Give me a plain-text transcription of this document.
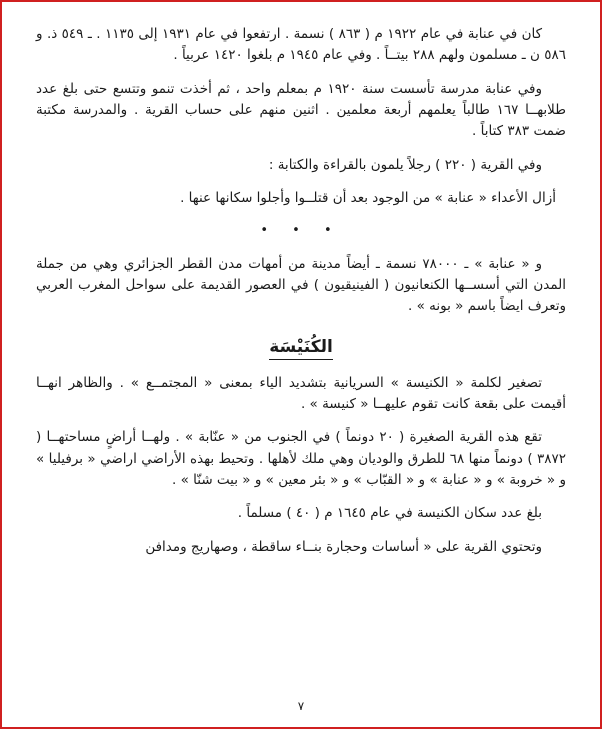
كان في عنابة في عام ١٩٢٢ م ( ٨٦٣ ) نسمة . ارتفعوا في عام ١٩٣١ إلى ١١٣٥ . ـ ٥٤٩ ذ. و ٥٨٦ ن ـ مسلمون ولهم ٢٨٨ بيتــاً . وفي عام ١٩٤٥ م بلغوا ١٤٢٠ عربياً .

وفي عنابة مدرسة تأسست سنة ١٩٢٠ م بمعلم واحد ، ثم أخذت تنمو وتتسع حتى بلغ عدد طلابهــا ١٦٧ طالباً يعلمهم أربعة معلمين . اثنين منهم على حساب القرية . والمدرسة مكتبة ضمت ٣٨٣ كتاباً .

وفي القرية ( ٢٢٠ ) رجلاً يلمون بالقراءة والكتابة :

أزال الأعداء « عنابة » من الوجود بعد أن قتلــوا وأجلوا سكانها عنها .

• • •

و « عنابة » ـ ٧٨٠٠٠ نسمة ـ أيضاً مدينة من أمهات مدن القطر الجزائري وهي من جملة المدن التي أسســها الكنعانيون ( الفينيقيون ) في العصور القديمة على سواحل المغرب العربي وتعرف ايضاً باسم « بونه » .

الكُنَيْسَة

تصغير لكلمة « الكنيسة » السريانية بتشديد الياء بمعنى « المجتمــع » . والظاهر انهــا أقيمت على بقعة كانت تقوم عليهــا « كنيسة » .

تقع هذه القرية الصغيرة ( ٢٠ دونماً ) في الجنوب من « عنّابة » . ولهــا أراضٍ مساحتهــا ( ٣٨٧٢ ) دونماً منها ٦٨ للطرق والوديان وهي ملك لأهلها . وتحيط بهذه الأراضي اراضي « برفيليا » و « خروبة » و « عنابة » و « القبّاب » و « بئر معين » و « بيت شنّا » .

بلغ عدد سكان الكنيسة في عام ١٦٤٥ م ( ٤٠ ) مسلماً .

وتحتوي القرية على « أساسات وحجارة بنــاء ساقطة ، وصهاريج ومدافن

٧
